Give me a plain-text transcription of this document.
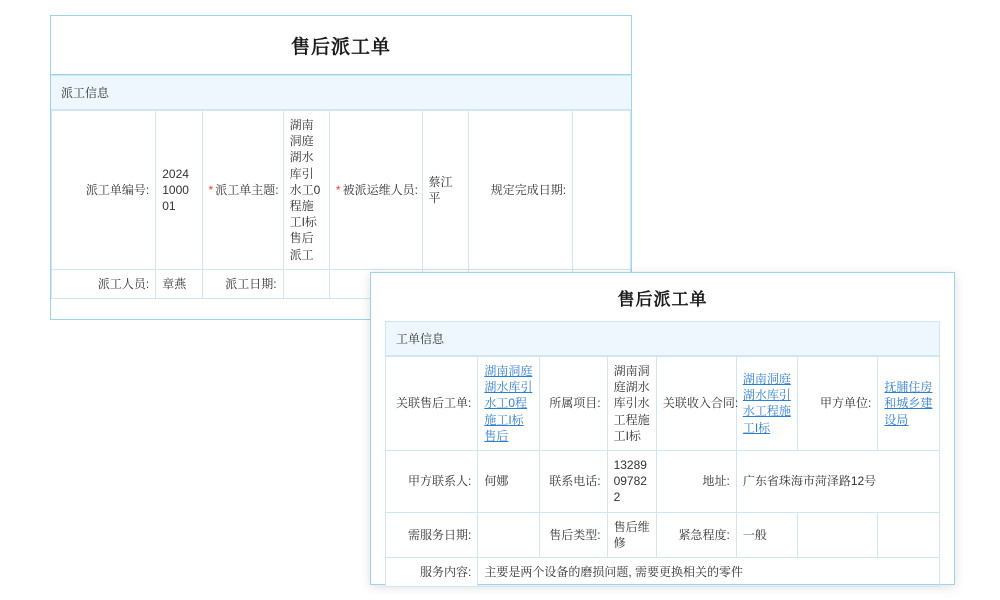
售后派工单
派工信息
派工单编号:	2024100001	* 派工单主题:	湖南洞庭湖水库引水工0程施工I标售后派工	* 被派运维人员:	蔡江平	规定完成日期:	
派工人员:	章燕	派工日期:					
售后派工单
工单信息
关联售后工单:	湖南洞庭湖水库引水工0程施工I标售后	所属项目:	湖南洞庭湖水库引水工程施工I标	关联收入合同:	湖南洞庭湖水库引水工程施工I标	甲方单位:	抚脯住房和城乡建设局
甲方联系人:	何娜	联系电话:	13289097822	地址:	广东省珠海市菏泽路12号		
需服务日期:		售后类型:	售后维修	紧急程度:	一般		
服务内容:	主要是两个设备的磨损问题, 需要更换相关的零件						
